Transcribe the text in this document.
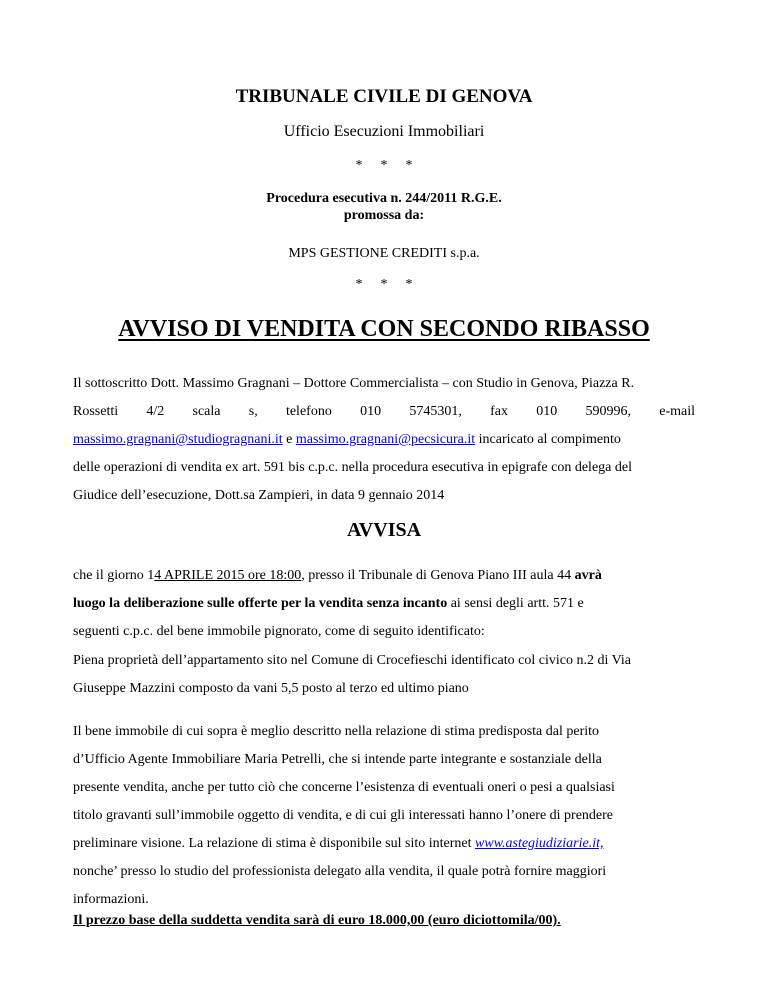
TRIBUNALE CIVILE DI GENOVA
Ufficio Esecuzioni Immobiliari
* * *
Procedura esecutiva n. 244/2011 R.G.E.
promossa da:
MPS GESTIONE CREDITI s.p.a.
* * *
AVVISO DI VENDITA CON SECONDO RIBASSO
Il sottoscritto Dott. Massimo Gragnani – Dottore Commercialista – con Studio in Genova, Piazza R.
Rossetti 4/2 scala s, telefono 010 5745301, fax 010 590996, e-mail
massimo.gragnani@studiogragnani.it e massimo.gragnani@pecsicura.it incaricato al compimento
delle operazioni di vendita ex art. 591 bis c.p.c. nella procedura esecutiva in epigrafe con delega del
Giudice dell’esecuzione, Dott.sa Zampieri, in data 9 gennaio 2014
AVVISA
che il giorno 14 APRILE 2015 ore 18:00, presso il Tribunale di Genova Piano III aula 44 avrà
luogo la deliberazione sulle offerte per la vendita senza incanto ai sensi degli artt. 571 e
seguenti c.p.c. del bene immobile pignorato, come di seguito identificato:
Piena proprietà dell’appartamento sito nel Comune di Crocefieschi identificato col civico n.2 di Via
Giuseppe Mazzini composto da vani 5,5 posto al terzo ed ultimo piano
Il bene immobile di cui sopra è meglio descritto nella relazione di stima predisposta dal perito
d’Ufficio Agente Immobiliare Maria Petrelli, che si intende parte integrante e sostanziale della
presente vendita, anche per tutto ciò che concerne l’esistenza di eventuali oneri o pesi a qualsiasi
titolo gravanti sull’immobile oggetto di vendita, e di cui gli interessati hanno l’onere di prendere
preliminare visione. La relazione di stima è disponibile sul sito internet www.astegiudiziarie.it,
nonche’ presso lo studio del professionista delegato alla vendita, il quale potrà fornire maggiori
informazioni.
Il prezzo base della suddetta vendita sarà di euro 18.000,00 (euro diciottomila/00).
